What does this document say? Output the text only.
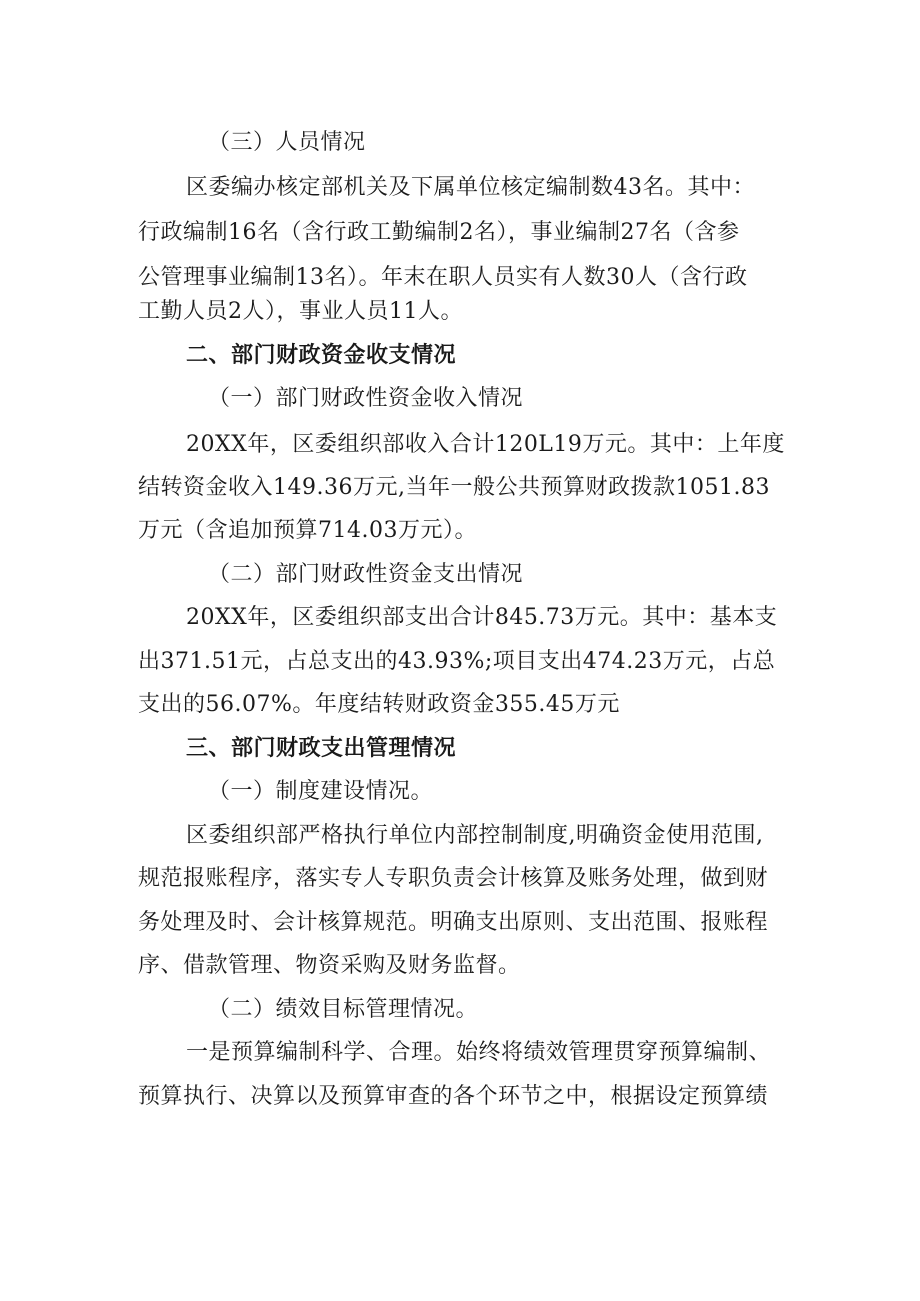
（三）人员情况
区委编办核定部机关及下属单位核定编制数43名。其中：
行政编制16名（含行政工勤编制2名），事业编制27名（含参
公管理事业编制13名）。年末在职人员实有人数30人（含行政
工勤人员2人），事业人员11人。
二、部门财政资金收支情况
（一）部门财政性资金收入情况
20XX年，区委组织部收入合计120L19万元。其中：上年度
结转资金收入149.36万元,当年一般公共预算财政拨款1051.83
万元（含追加预算714.03万元）。
（二）部门财政性资金支出情况
20XX年，区委组织部支出合计845.73万元。其中：基本支
出371.51元，占总支出的43.93%;项目支出474.23万元，占总
支出的56.07%。年度结转财政资金355.45万元
三、部门财政支出管理情况
（一）制度建设情况。
区委组织部严格执行单位内部控制制度,明确资金使用范围,
规范报账程序，落实专人专职负责会计核算及账务处理，做到财
务处理及时、会计核算规范。明确支出原则、支出范围、报账程
序、借款管理、物资采购及财务监督。
（二）绩效目标管理情况。
一是预算编制科学、合理。始终将绩效管理贯穿预算编制、
预算执行、决算以及预算审查的各个环节之中，根据设定预算绩
